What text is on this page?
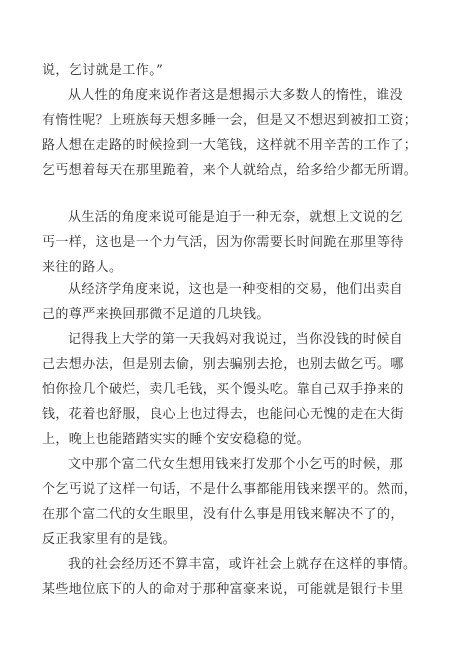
说，乞讨就是工作。”

从人性的角度来说作者这是想揭示大多数人的惰性，谁没
有惰性呢？上班族每天想多睡一会，但是又不想迟到被扣工资；
路人想在走路的时候捡到一大笔钱，这样就不用辛苦的工作了；
乞丐想着每天在那里跪着，来个人就给点，给多给少都无所谓。

从生活的角度来说可能是迫于一种无奈，就想上文说的乞
丐一样，这也是一个力气活，因为你需要长时间跪在那里等待
来往的路人。

从经济学角度来说，这也是一种变相的交易，他们出卖自
己的尊严来换回那微不足道的几块钱。

记得我上大学的第一天我妈对我说过，当你没钱的时候自
己去想办法，但是别去偷，别去骗别去抢，也别去做乞丐。哪
怕你捡几个破烂，卖几毛钱，买个馒头吃。靠自己双手挣来的
钱，花着也舒服，良心上也过得去，也能问心无愧的走在大街
上，晚上也能踏踏实实的睡个安安稳稳的觉。

文中那个富二代女生想用钱来打发那个小乞丐的时候，那
个乞丐说了这样一句话，不是什么事都能用钱来摆平的。然而，
在那个富二代的女生眼里，没有什么事是用钱来解决不了的，
反正我家里有的是钱。

我的社会经历还不算丰富，或许社会上就存在这样的事情。
某些地位底下的人的命对于那种富豪来说，可能就是银行卡里
